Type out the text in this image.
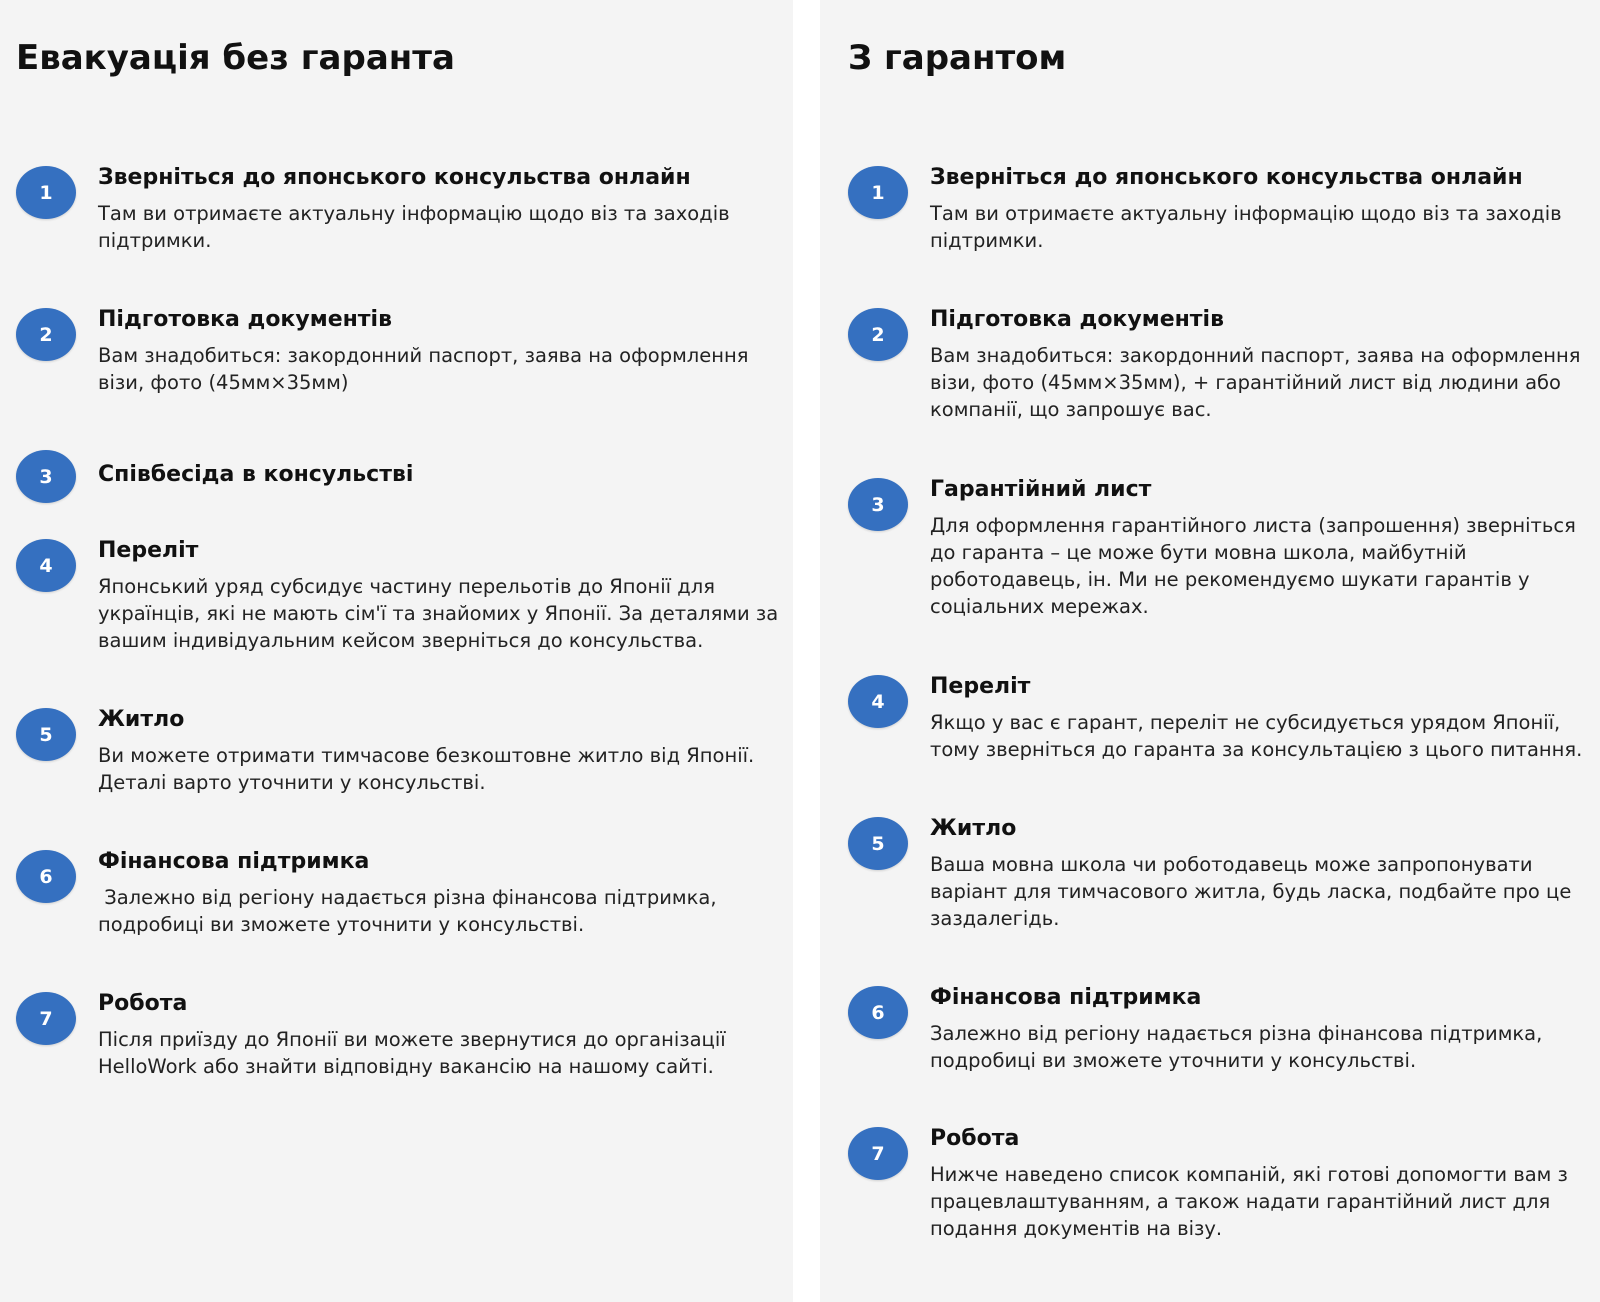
Евакуація без гаранта
1
Зверніться до японського консульства онлайн

Там ви отримаєте актуальну інформацію щодо віз та заходів підтримки.

2
Підготовка документів

Вам знадобиться: закордонний паспорт, заява на оформлення візи, фото (45мм×35мм)

3	Співбесіда в консульстві
4
Переліт

Японський уряд субсидує частину перельотів до Японії для українців, які не мають сім'ї та знайомих у Японії. За деталями за вашим індивідуальним кейсом зверніться до консульства.

5
Житло

Ви можете отримати тимчасове безкоштовне житло від Японії. Деталі варто уточнити у консульстві.

6
Фінансова підтримка

Залежно від регіону надається різна фінансова підтримка, подробиці ви зможете уточнити у консульстві.

7
Робота

Після приїзду до Японії ви можете звернутися до організації HelloWork або знайти відповідну вакансію на нашому сайті.

З гарантом
1
Зверніться до японського консульства онлайн

Там ви отримаєте актуальну інформацію щодо віз та заходів підтримки.

2
Підготовка документів

Вам знадобиться: закордонний паспорт, заява на оформлення візи, фото (45мм×35мм), + гарантійний лист від людини або компанії, що запрошує вас.

3
Гарантійний лист

Для оформлення гарантійного листа (запрошення) зверніться до гаранта – це може бути мовна школа, майбутній роботодавець, ін. Ми не рекомендуємо шукати гарантів у соціальних мережах.

4
Переліт

Якщо у вас є гарант, переліт не субсидується урядом Японії, тому зверніться до гаранта за консультацією з цього питання.

5
Житло

Ваша мовна школа чи роботодавець може запропонувати варіант для тимчасового житла, будь ласка, подбайте про це заздалегідь.

6
Фінансова підтримка

Залежно від регіону надається різна фінансова підтримка, подробиці ви зможете уточнити у консульстві.

7
Робота

Нижче наведено список компаній, які готові допомогти вам з працевлаштуванням, а також надати гарантійний лист для подання документів на візу.
